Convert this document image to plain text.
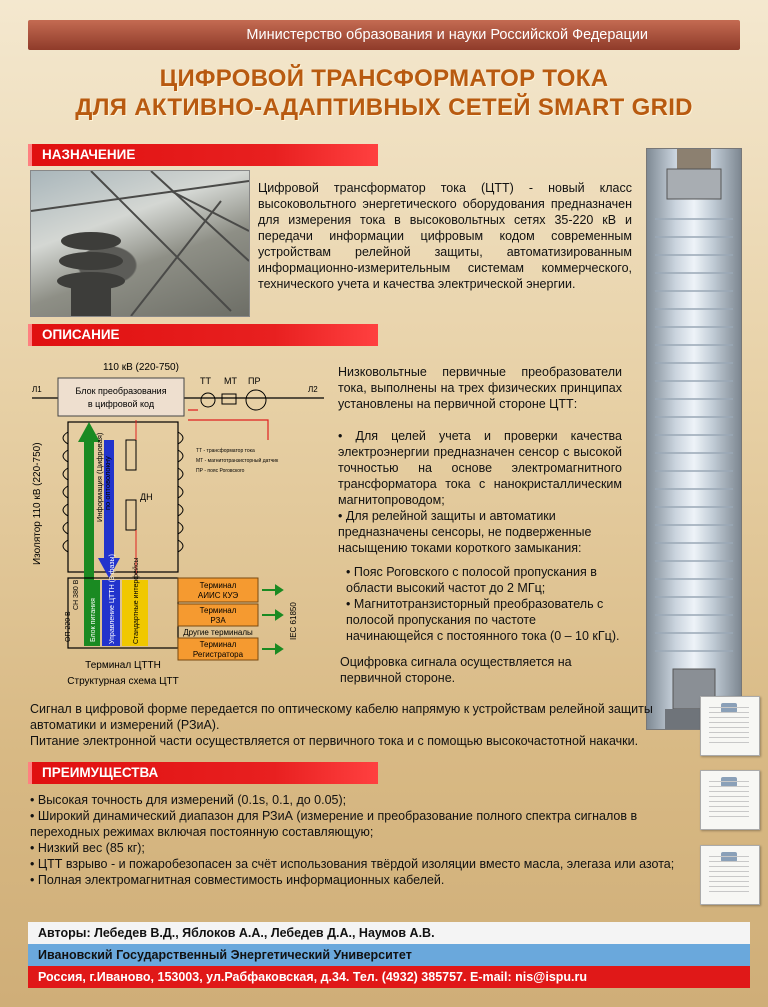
Министерство образования и науки Российской Федерации
ЦИФРОВОЙ ТРАНСФОРМАТОР ТОКА
ДЛЯ АКТИВНО-АДАПТИВНЫХ СЕТЕЙ SMART GRID
НАЗНАЧЕНИЕ
Цифровой трансформатор тока (ЦТТ) - новый класс высоковольтного энергетического оборудования предназначен для измерения тока в высоковольтных сетях 35-220 кВ и передачи информации цифровым кодом современным устройствам релейной защиты, автоматизированным информационно-измерительным системам коммерческого, технического учета и качества электрической энергии.
ОПИСАНИЕ
110 кВ (220-750)
Л1	Л2
Блок преобразования
в цифровой код
ТТ МТ ПР
Изолятор 110 кВ (220-750)	Информация (Цифровая) по оптоволокну	ДН
ТТ - трансформатор тока
МТ - магнитотранзисторный датчик
ПР - пояс Роговского
ОП 220 В
СН 380 В
Блок питания Управление ЦТТН (3 фазы) Стандартные интерфейсы	Терминал
АИИС КУЭ
Терминал
РЗА
Другие терминалы
Терминал
Регистратора
IEC 61850
Терминал ЦТТН
Структурная схема ЦТТ
Низковольтные первичные преобразователи тока, выполнены на трех физических принципах установлены на первичной стороне ЦТТ:
• Для целей учета и проверки качества электроэнергии предназначен сенсор с высокой точностью на основе электромагнитного трансформатора тока с нанокристаллическим магнитопроводом;
• Для релейной защиты и автоматики предназначены сенсоры, не подверженные насыщению токами короткого замыкания:
• Пояс Роговского с полосой пропускания в области высокий частот до 2 МГц;
• Магнитотранзисторный преобразователь с полосой пропускания по частоте начинающейся с постоянного тока (0 – 10 кГц).
Оцифровка сигнала осуществляется на первичной стороне.
Сигнал в цифровой форме передается по оптическому кабелю напрямую к устройствам релейной защиты автоматики и измерений (РЗиА).
Питание электронной части осуществляется от первичного тока и с помощью высокочастотной накачки.
ПРЕИМУЩЕСТВА
• Высокая точность для измерений (0.1s, 0.1, до 0.05);
• Широкий динамический диапазон для РЗиА (измерение и преобразование полного спектра сигналов в переходных режимах включая постоянную составляющую;
• Низкий вес (85 кг);
• ЦТТ взрыво - и пожаробезопасен за счёт использования твёрдой изоляции вместо масла, элегаза или азота;
• Полная электромагнитная совместимость информационных кабелей.
Авторы: Лебедев В.Д., Яблоков А.А., Лебедев Д.А., Наумов А.В.
Ивановский Государственный Энергетический Университет
Россия, г.Иваново, 153003, ул.Рабфаковская, д.34. Тел. (4932) 385757. E-mail: nis@ispu.ru
